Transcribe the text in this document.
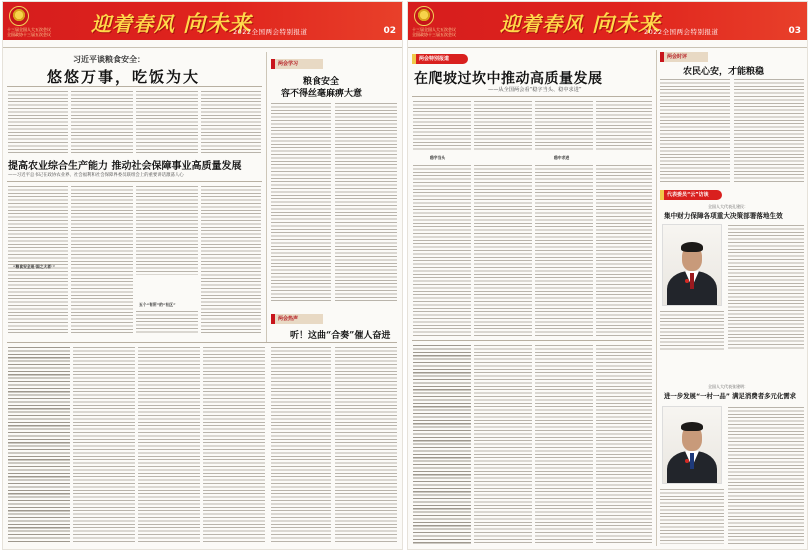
十三届全国人大五次会议
全国政协十三届五次会议 迎着春风 向未来
2022全国两会特别报道	02
习近平谈粮食安全：
悠悠万事，吃饭为大
提高农业综合生产能力 推动社会保障事业高质量发展
——习近平总书记在政协农业界、社会福利和社会保障界委员联组会上的重要讲话激荡人心
“粮食安全是‘国之大者’”
五个“有所”的“社区”
两会学习
粮食安全
容不得丝毫麻痹大意
两会热声
听！这曲“合奏”催人奋进
十三届全国人大五次会议
全国政协十三届五次会议 迎着春风 向未来
2022全国两会特别报道	03
两会特别报道
在爬坡过坎中推动高质量发展
——从全国两会看“稳字当头、稳中求进”
稳字当头	稳中求进
两会时评
农民心安，才能粮稳
代表委员“云”访谈
全国人大代表孔建民：
集中财力保障各项重大决策部署落地生效
全国人大代表张建明：
进一步发展“一村一品” 满足消费者多元化需求
